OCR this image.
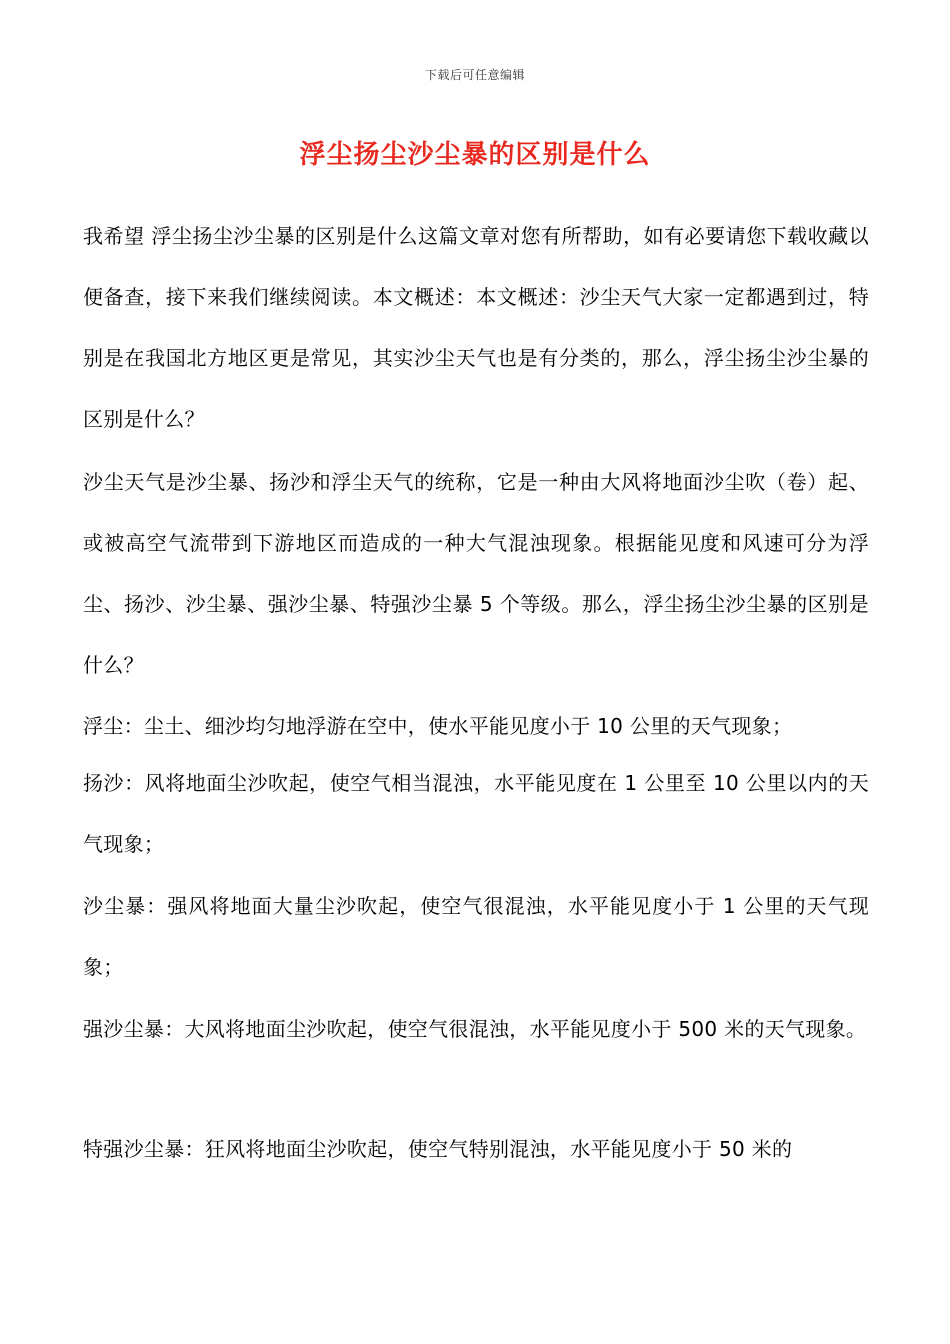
下载后可任意编辑
浮尘扬尘沙尘暴的区别是什么

我希望 浮尘扬尘沙尘暴的区别是什么这篇文章对您有所帮助，如有必要请您下载收藏以便备查，接下来我们继续阅读。本文概述：本文概述：沙尘天气大家一定都遇到过，特别是在我国北方地区更是常见，其实沙尘天气也是有分类的，那么，浮尘扬尘沙尘暴的区别是什么？

沙尘天气是沙尘暴、扬沙和浮尘天气的统称，它是一种由大风将地面沙尘吹（卷）起、或被高空气流带到下游地区而造成的一种大气混浊现象。根据能见度和风速可分为浮尘、扬沙、沙尘暴、强沙尘暴、特强沙尘暴 5 个等级。那么，浮尘扬尘沙尘暴的区别是什么？

浮尘：尘土、细沙均匀地浮游在空中，使水平能见度小于 10 公里的天气现象；

扬沙：风将地面尘沙吹起，使空气相当混浊，水平能见度在 1 公里至 10 公里以内的天气现象；

沙尘暴：强风将地面大量尘沙吹起，使空气很混浊，水平能见度小于 1 公里的天气现象；

强沙尘暴：大风将地面尘沙吹起，使空气很混浊，水平能见度小于 500 米的天气现象。

特强沙尘暴：狂风将地面尘沙吹起，使空气特别混浊，水平能见度小于 50 米的
